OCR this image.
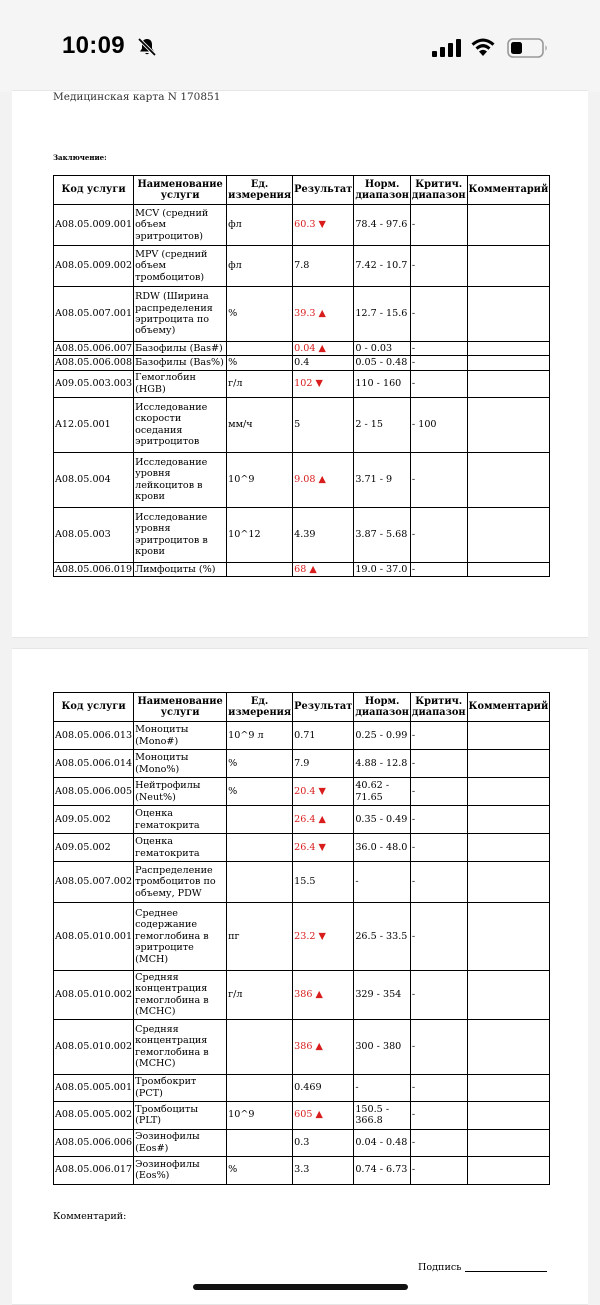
10:09
Медицинская карта N 170851
Заключение:
Код услуги	Наименование услуги	Ед. измерения	Результат	Норм. диапазон	Критич. диапазон	Комментарий
A08.05.009.001	MCV (средний объем эритроцитов)	фл	60.3 ▼	78.4 - 97.6	-	
A08.05.009.002	MPV (средний объем тромбоцитов)	фл	7.8	7.42 - 10.7	-	
A08.05.007.001	RDW (Ширина распределения эритроцита по объему)	%	39.3 ▲	12.7 - 15.6	-	
A08.05.006.007	Базофилы (Bas#)		0.04 ▲	0 - 0.03	-	
A08.05.006.008	Базофилы (Bas%)	%	0.4	0.05 - 0.48	-	
A09.05.003.003	Гемоглобин (HGB)	г/л	102 ▼	110 - 160	-	
A12.05.001	Исследование скорости оседания эритроцитов	мм/ч	5	2 - 15	- 100	
A08.05.004	Исследование уровня лейкоцитов в крови	10^9	9.08 ▲	3.71 - 9	-	
A08.05.003	Исследование уровня эритроцитов в крови	10^12	4.39	3.87 - 5.68	-	
A08.05.006.019	Лимфоциты (%)		68 ▲	19.0 - 37.0	-	
Код услуги	Наименование услуги	Ед. измерения	Результат	Норм. диапазон	Критич. диапазон	Комментарий
A08.05.006.013	Моноциты (Mono#)	10^9 л	0.71	0.25 - 0.99	-	
A08.05.006.014	Моноциты (Mono%)	%	7.9	4.88 - 12.8	-	
A08.05.006.005	Нейтрофилы (Neut%)	%	20.4 ▼	40.62 - 71.65	-	
A09.05.002	Оценка гематокрита		26.4 ▲	0.35 - 0.49	-	
A09.05.002	Оценка гематокрита		26.4 ▼	36.0 - 48.0	-	
A08.05.007.002	Распределение тромбоцитов по объему, PDW		15.5	-	-	
A08.05.010.001	Среднее содержание гемоглобина в эритроците (MCH)	пг	23.2 ▼	26.5 - 33.5	-	
A08.05.010.002	Средняя концентрация гемоглобина в (MCHC)	г/л	386 ▲	329 - 354	-	
A08.05.010.002	Средняя концентрация гемоглобина в (MCHC)		386 ▲	300 - 380	-	
A08.05.005.001	Тромбокрит (PCT)		0.469	-	-	
A08.05.005.002	Тромбоциты (PLT)	10^9	605 ▲	150.5 - 366.8	-	
A08.05.006.006	Эозинофилы (Eos#)		0.3	0.04 - 0.48	-	
A08.05.006.017	Эозинофилы (Eos%)	%	3.3	0.74 - 6.73	-	
Комментарий:
Подпись
